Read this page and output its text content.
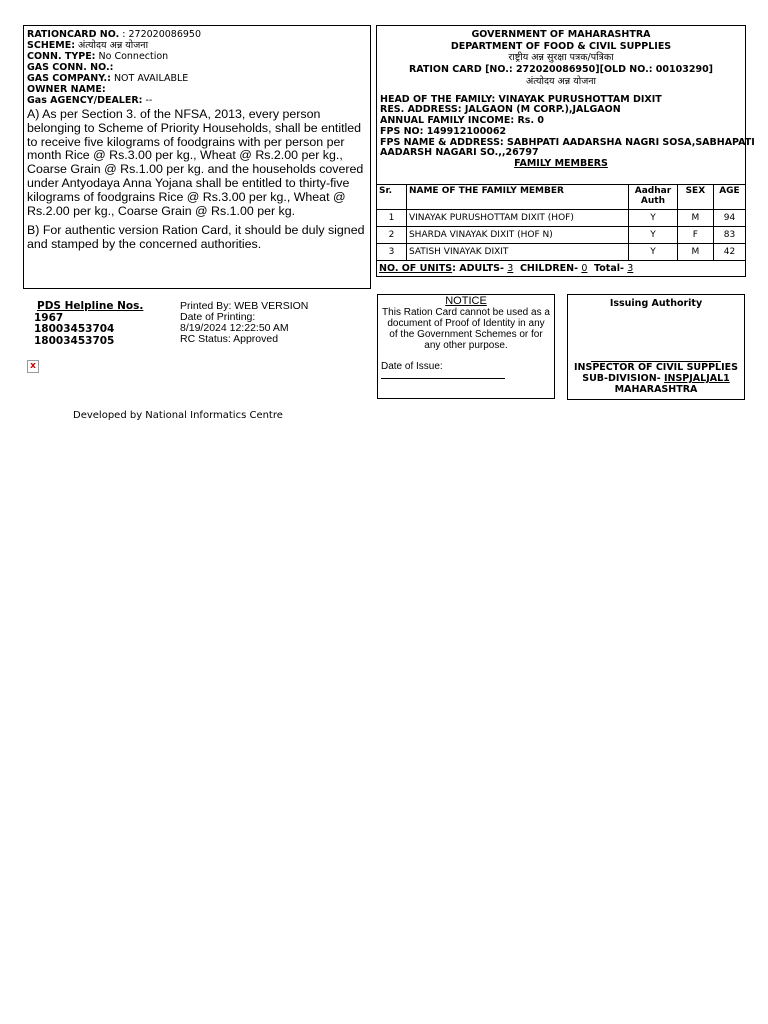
RATIONCARD NO. : 272020086950
SCHEME: अंत्योदय अन्न योजना
CONN. TYPE: No Connection
GAS CONN. NO.:
GAS COMPANY.: NOT AVAILABLE
OWNER NAME:
Gas AGENCY/DEALER: --

A) As per Section 3. of the NFSA, 2013, every person belonging to Scheme of Priority Households, shall be entitled to receive five kilograms of foodgrains with per person per month Rice @ Rs.3.00 per kg., Wheat @ Rs.2.00 per kg., Coarse Grain @ Rs.1.00 per kg. and the households covered under Antyodaya Anna Yojana shall be entitled to thirty-five kilograms of foodgrains Rice @ Rs.3.00 per kg., Wheat @ Rs.2.00 per kg., Coarse Grain @ Rs.1.00 per kg.

B) For authentic version Ration Card, it should be duly signed and stamped by the concerned authorities.

GOVERNMENT OF MAHARASHTRA
DEPARTMENT OF FOOD & CIVIL SUPPLIES
राष्ट्रीय अन्न सुरक्षा पत्रक/पत्रिका
RATION CARD [NO.: 272020086950][OLD NO.: 00103290]
अंत्योदय अन्न योजना
HEAD OF THE FAMILY: VINAYAK PURUSHOTTAM DIXIT
RES. ADDRESS: JALGAON (M CORP.),JALGAON
ANNUAL FAMILY INCOME: Rs. 0
FPS NO: 149912100062
FPS NAME & ADDRESS: SABHPATI AADARSHA NAGRI SOSA,SABHAPATI
AADARSH NAGARI SO.,,26797
FAMILY MEMBERS
Sr.	NAME OF THE FAMILY MEMBER	Aadhar Auth	SEX	AGE
1	VINAYAK PURUSHOTTAM DIXIT (HOF)	Y	M	94
2	SHARDA VINAYAK DIXIT (HOF N)	Y	F	83
3	SATISH VINAYAK DIXIT	Y	M	42
NO. OF UNITS: ADULTS- 3 CHILDREN- 0 Total- 3
PDS Helpline Nos.
1967
18003453704
18003453705
Printed By: WEB VERSION
Date of Printing:
8/19/2024 12:22:50 AM
RC Status: Approved
x
Developed by National Informatics Centre
NOTICE
This Ration Card cannot be used as a document of Proof of Identity in any of the Government Schemes or for any other purpose.
Date of Issue:
Issuing Authority
INSPECTOR OF CIVIL SUPPLIES
SUB-DIVISION- INSPJALJAL1
MAHARASHTRA
